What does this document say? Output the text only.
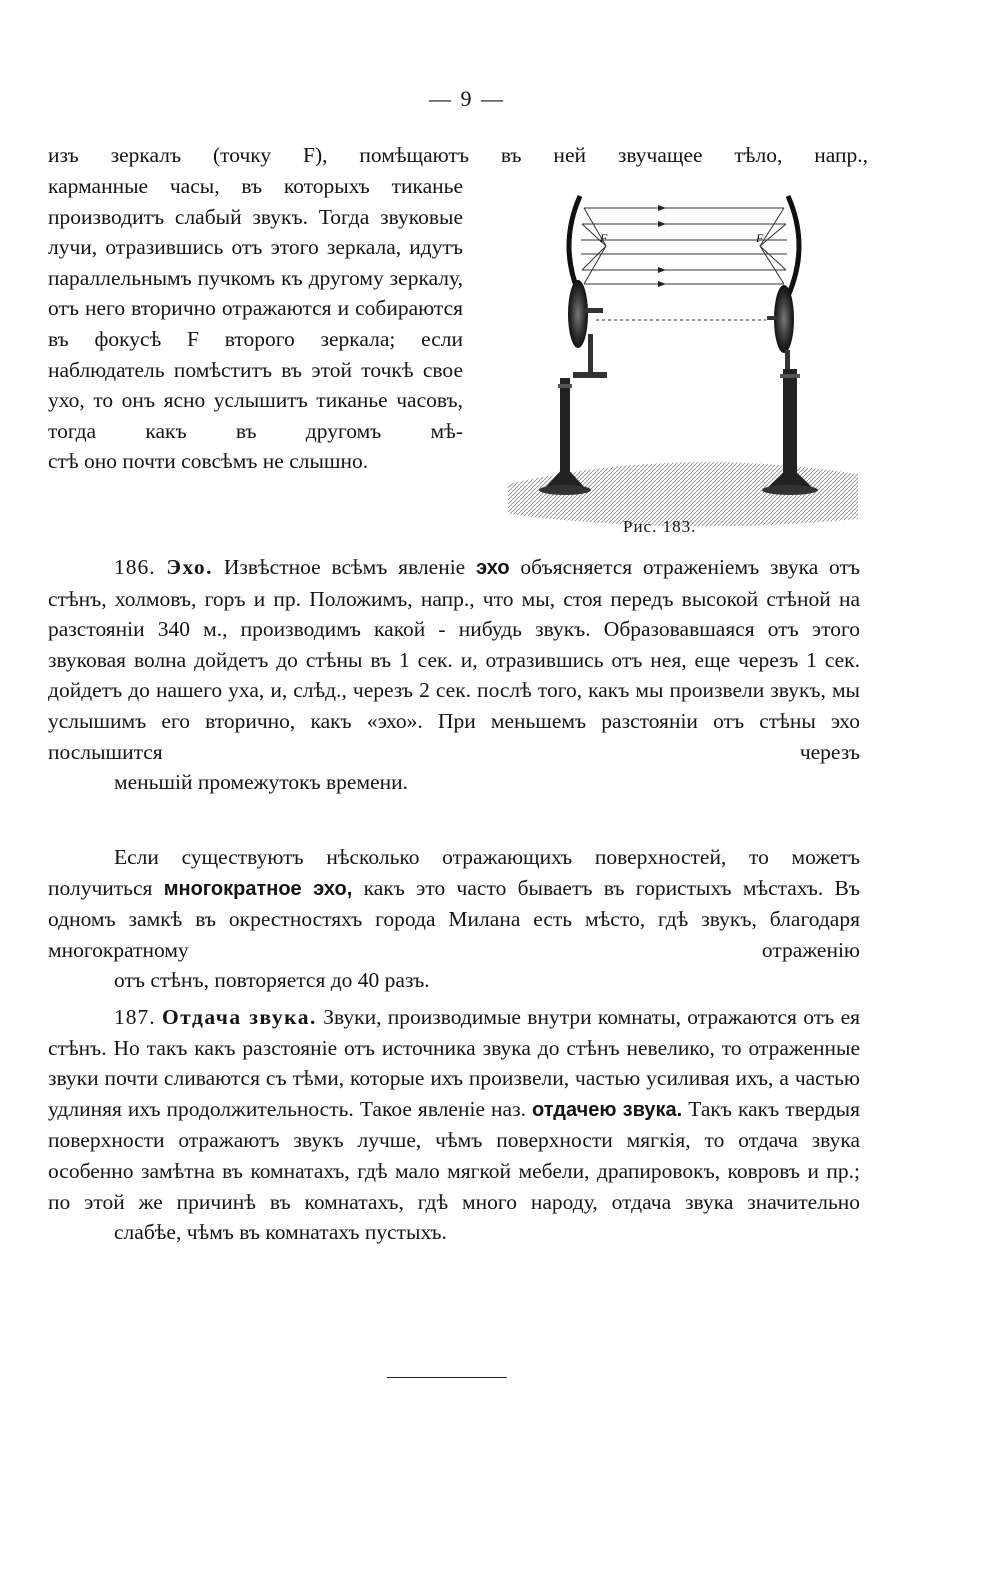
— 9 —
изъ зеркалъ (точку F), помѣщаютъ въ ней звучащее тѣло, напр.,
карманные часы, въ которыхъ тиканье производитъ слабый звукъ. Тогда звуковые лучи, отразившись отъ этого зеркала, идутъ параллельнымъ пучкомъ къ другому зеркалу, отъ него вторично отражаются и собираются въ фокусѣ F второго зеркала; если наблюдатель помѣститъ въ этой точкѣ свое ухо, то онъ ясно услышитъ тиканье часовъ, тогда какъ въ другомъ мѣ-
стѣ оно почти совсѣмъ не слышно.
F	F
Рис. 183.
186. Эхо. Извѣстное всѣмъ явленіе эхо объясняется отраженіемъ звука отъ стѣнъ, холмовъ, горъ и пр. Положимъ, напр., что мы, стоя передъ высокой стѣной на разстояніи 340 м., производимъ какой - нибудь звукъ. Образовавшаяся отъ этого звуковая волна дойдетъ до стѣны въ 1 сек. и, отразившись отъ нея, еще черезъ 1 сек. дойдетъ до нашего уха, и, слѣд., черезъ 2 сек. послѣ того, какъ мы произвели звукъ, мы услышимъ его вторично, какъ «эхо». При меньшемъ разстояніи отъ стѣны эхо послышится черезъ
меньшій промежутокъ времени.
Если существуютъ нѣсколько отражающихъ поверхностей, то можетъ получиться многократное эхо, какъ это часто бываетъ въ гористыхъ мѣстахъ. Въ одномъ замкѣ въ окрестностяхъ города Милана есть мѣсто, гдѣ звукъ, благодаря многократному отраженію
отъ стѣнъ, повторяется до 40 разъ.
187. Отдача звука. Звуки, производимые внутри комнаты, отражаются отъ ея стѣнъ. Но такъ какъ разстояніе отъ источника звука до стѣнъ невелико, то отраженные звуки почти сливаются съ тѣми, которые ихъ произвели, частью усиливая ихъ, а частью удлиняя ихъ продолжительность. Такое явленіе наз. отдачею звука. Такъ какъ твердыя поверхности отражаютъ звукъ лучше, чѣмъ поверхности мягкія, то отдача звука особенно замѣтна въ комнатахъ, гдѣ мало мягкой мебели, драпировокъ, ковровъ и пр.; по этой же причинѣ въ комнатахъ, гдѣ много народу, отдача звука значительно
слабѣе, чѣмъ въ комнатахъ пустыхъ.
